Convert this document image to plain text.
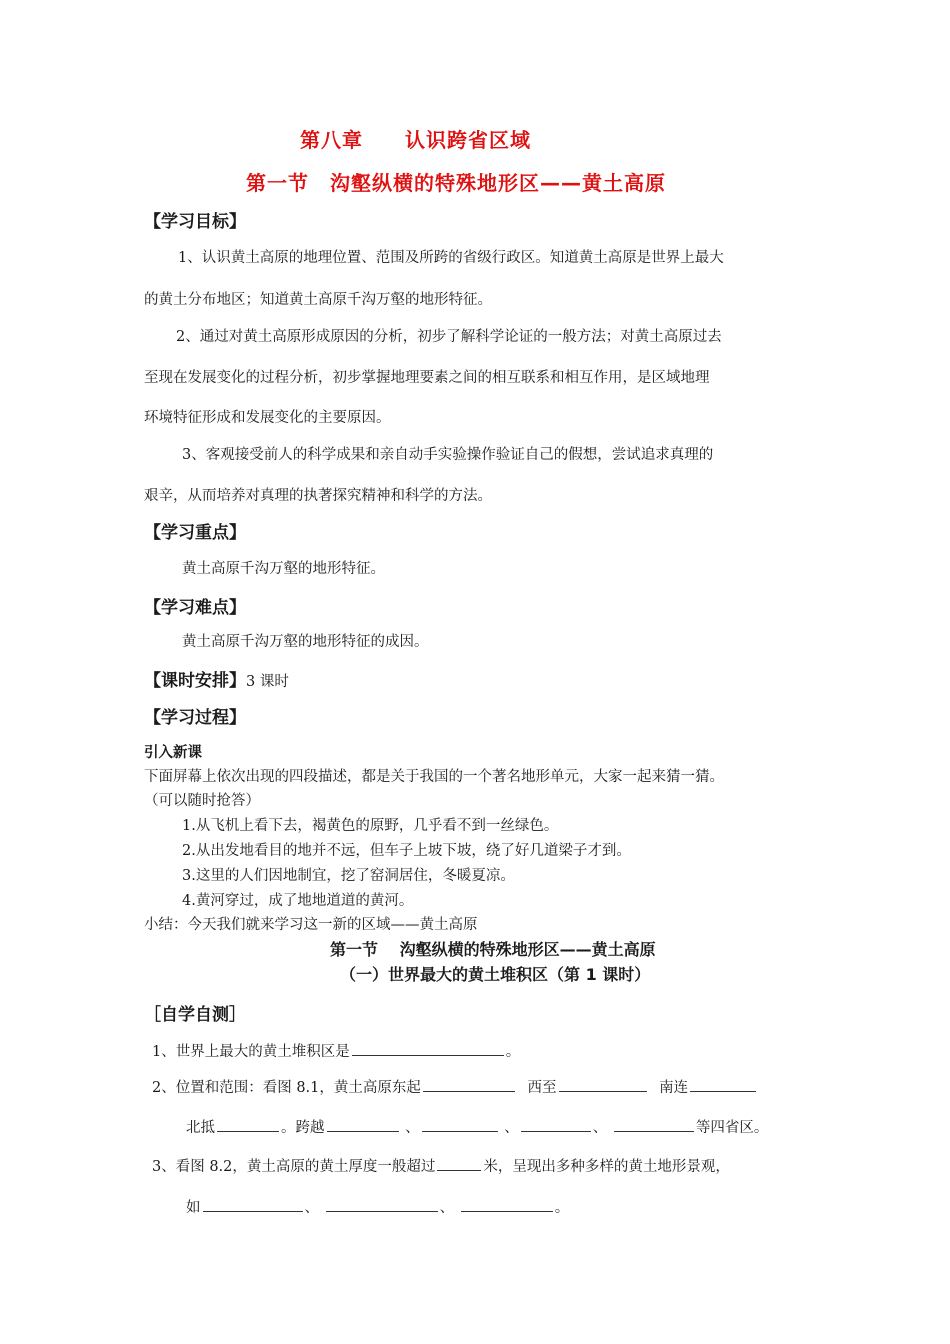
第八章　　认识跨省区域
第一节　沟壑纵横的特殊地形区——黄土高原
【学习目标】
1、认识黄土高原的地理位置、范围及所跨的省级行政区。知道黄土高原是世界上最大
的黄土分布地区；知道黄土高原千沟万壑的地形特征。
2、通过对黄土高原形成原因的分析，初步了解科学论证的一般方法；对黄土高原过去
至现在发展变化的过程分析，初步掌握地理要素之间的相互联系和相互作用，是区域地理
环境特征形成和发展变化的主要原因。
3、客观接受前人的科学成果和亲自动手实验操作验证自己的假想，尝试追求真理的
艰辛，从而培养对真理的执著探究精神和科学的方法。
【学习重点】
黄土高原千沟万壑的地形特征。
【学习难点】
黄土高原千沟万壑的地形特征的成因。
【课时安排】3 课时
【学习过程】
引入新课
下面屏幕上依次出现的四段描述，都是关于我国的一个著名地形单元，大家一起来猜一猜。
（可以随时抢答）
1.从飞机上看下去，褐黄色的原野，几乎看不到一丝绿色。
2.从出发地看目的地并不远，但车子上坡下坡，绕了好几道梁子才到。
3.这里的人们因地制宜，挖了窑洞居住，冬暖夏凉。
4.黄河穿过，成了地地道道的黄河。
小结：今天我们就来学习这一新的区域——黄土高原
第一节　 沟壑纵横的特殊地形区——黄土高原
（一）世界最大的黄土堆积区（第 1 课时）
［自学自测］
1、世界上最大的黄土堆积区是	。
2、位置和范围：看图 8.1，黄土高原东起	西至	南连
北抵	。跨越	、	、	、	等四省区。
3、看图 8.2，黄土高原的黄土厚度一般超过	米，呈现出多种多样的黄土地形景观，
如	、	、	。
